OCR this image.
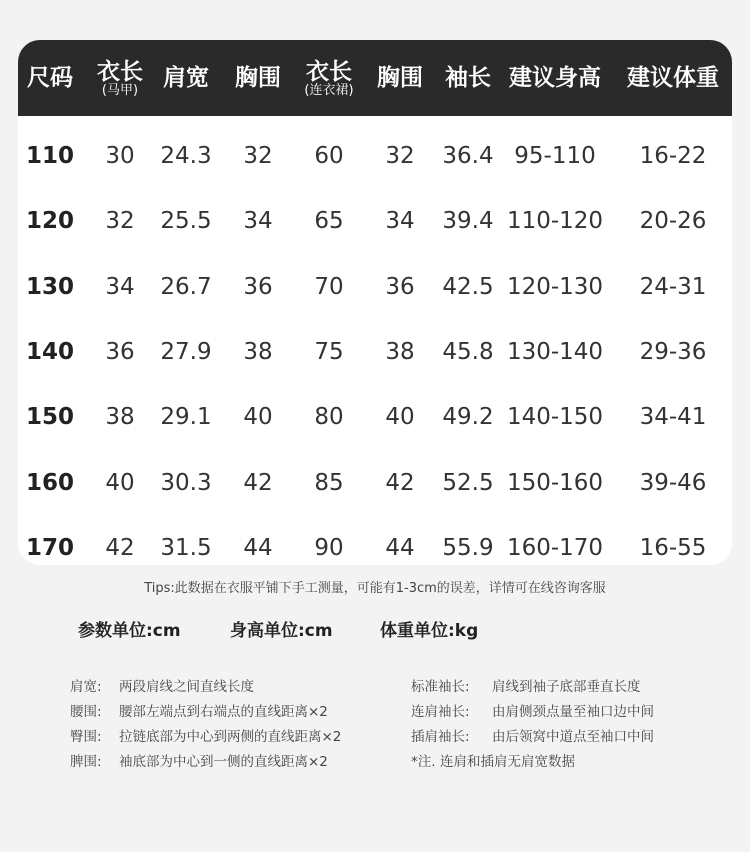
尺码 衣长
(马甲) 肩宽 胸围 衣长
(连衣裙) 胸围 袖长 建议身高 建议体重
110 30 24.3 32 60 32 36.4 95-110 16-22
120 32 25.5 34 65 34 39.4 110-120 20-26
130 34 26.7 36 70 36 42.5 120-130 24-31
140 36 27.9 38 75 38 45.8 130-140 29-36
150 38 29.1 40 80 40 49.2 140-150 34-41
160 40 30.3 42 85 42 52.5 150-160 39-46
170 42 31.5 44 90 44 55.9 160-170 16-55
Tips:此数据在衣服平铺下手工测量，可能有1-3cm的误差，详情可在线咨询客服
参数单位:cm	身高单位:cm	体重单位:kg
肩宽: 两段肩线之间直线长度
腰围: 腰部左端点到右端点的直线距离×2
臀围: 拉链底部为中心到两侧的直线距离×2
脾围: 袖底部为中心到一侧的直线距离×2
标准袖长: 肩线到袖子底部垂直长度
连肩袖长: 由肩侧颈点量至袖口边中间
插肩袖长: 由后领窝中道点至袖口中间
*注. 连肩和插肩无肩宽数据
